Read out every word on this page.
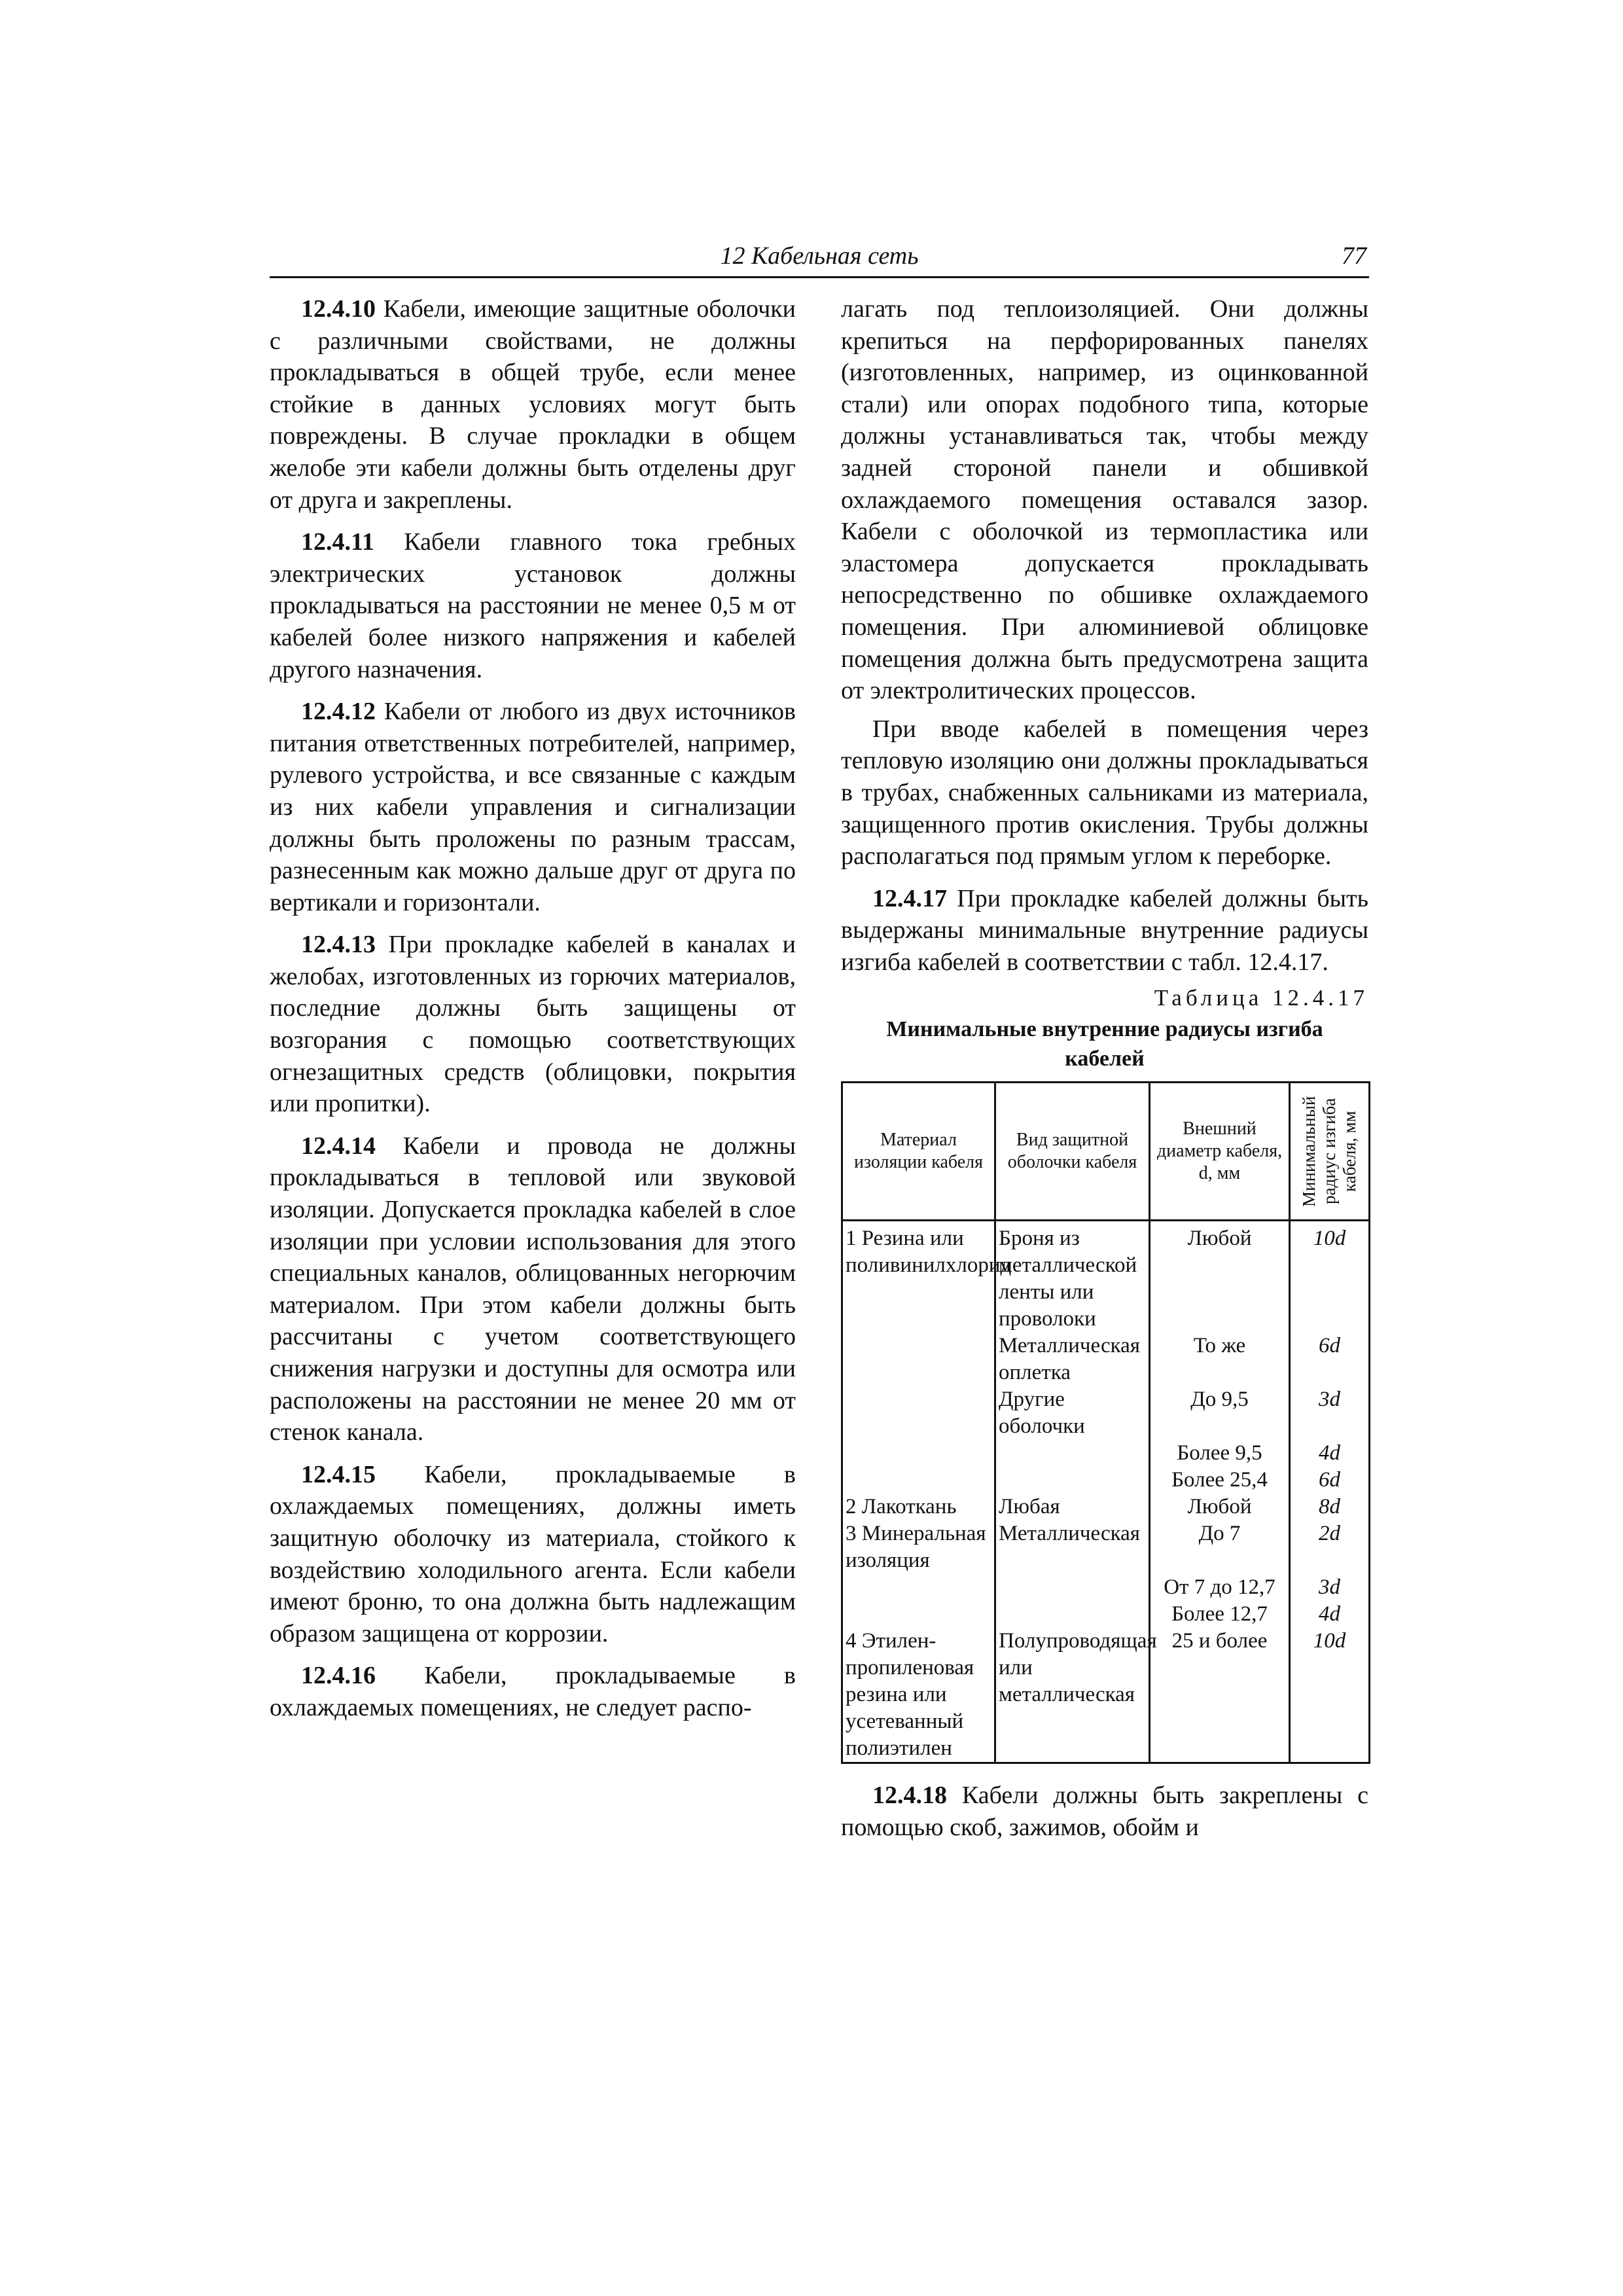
12 Кабельная сеть	77

12.4.10 Кабели, имеющие защитные оболочки с различными свойствами, не должны прокладываться в общей трубе, если менее стойкие в данных условиях могут быть повреждены. В случае прокладки в общем желобе эти кабели должны быть отделены друг от друга и закреплены.

12.4.11 Кабели главного тока гребных электрических установок должны прокладываться на расстоянии не менее 0,5 м от кабелей более низкого напряжения и кабелей другого назначения.

12.4.12 Кабели от любого из двух источников питания ответственных потребителей, например, рулевого устройства, и все связанные с каждым из них кабели управления и сигнализации должны быть проложены по разным трассам, разнесенным как можно дальше друг от друга по вертикали и горизонтали.

12.4.13 При прокладке кабелей в каналах и желобах, изготовленных из горючих материалов, последние должны быть защищены от возгорания с помощью соответствующих огнезащитных средств (облицовки, покрытия или пропитки).

12.4.14 Кабели и провода не должны прокладываться в тепловой или звуковой изоляции. Допускается прокладка кабелей в слое изоляции при условии использования для этого специальных каналов, облицованных негорючим материалом. При этом кабели должны быть рассчитаны с учетом соответствующего снижения нагрузки и доступны для осмотра или расположены на расстоянии не менее 20 мм от стенок канала.

12.4.15 Кабели, прокладываемые в охлаждаемых помещениях, должны иметь защитную оболочку из материала, стойкого к воздействию холодильного агента. Если кабели имеют броню, то она должна быть надлежащим образом защищена от коррозии.

12.4.16 Кабели, прокладываемые в охлаждаемых помещениях, не следует распо-

лагать под теплоизоляцией. Они должны крепиться на перфорированных панелях (изготовленных, например, из оцинкованной стали) или опорах подобного типа, которые должны устанавливаться так, чтобы между задней стороной панели и обшивкой охлаждаемого помещения оставался зазор. Кабели с оболочкой из термопластика или эластомера допускается прокладывать непосредственно по обшивке охлаждаемого помещения. При алюминиевой облицовке помещения должна быть предусмотрена защита от электролитических процессов.

При вводе кабелей в помещения через тепловую изоляцию они должны прокладываться в трубах, снабженных сальниками из материала, защищенного против окисления. Трубы должны располагаться под прямым углом к переборке.

12.4.17 При прокладке кабелей должны быть выдержаны минимальные внутренние радиусы изгиба кабелей в соответствии с табл. 12.4.17.

Таблица 12.4.17
Минимальные внутренние радиусы изгиба кабелей
Материал изоляции кабеля	Вид защитной оболочки кабеля	Внешний диаметр кабеля, d, мм	Минимальный радиус изгиба кабеля, мм

1 Резина или поливинилхлорид	Броня из металлической ленты или проволоки	Любой	10d
	Металлическая оплетка	То же	6d
	Другие оболочки	До 9,5	3d
		Более 9,5	4d
		Более 25,4	6d
2 Лакоткань	Любая	Любой	8d
3 Минеральная изоляция	Металлическая	До 7	2d
		От 7 до 12,7	3d
		Более 12,7	4d
4 Этилен-пропиленовая резина или усетеванный полиэтилен	Полупроводящая или металлическая	25 и более	10d

12.4.18 Кабели должны быть закреплены с помощью скоб, зажимов, обойм и
